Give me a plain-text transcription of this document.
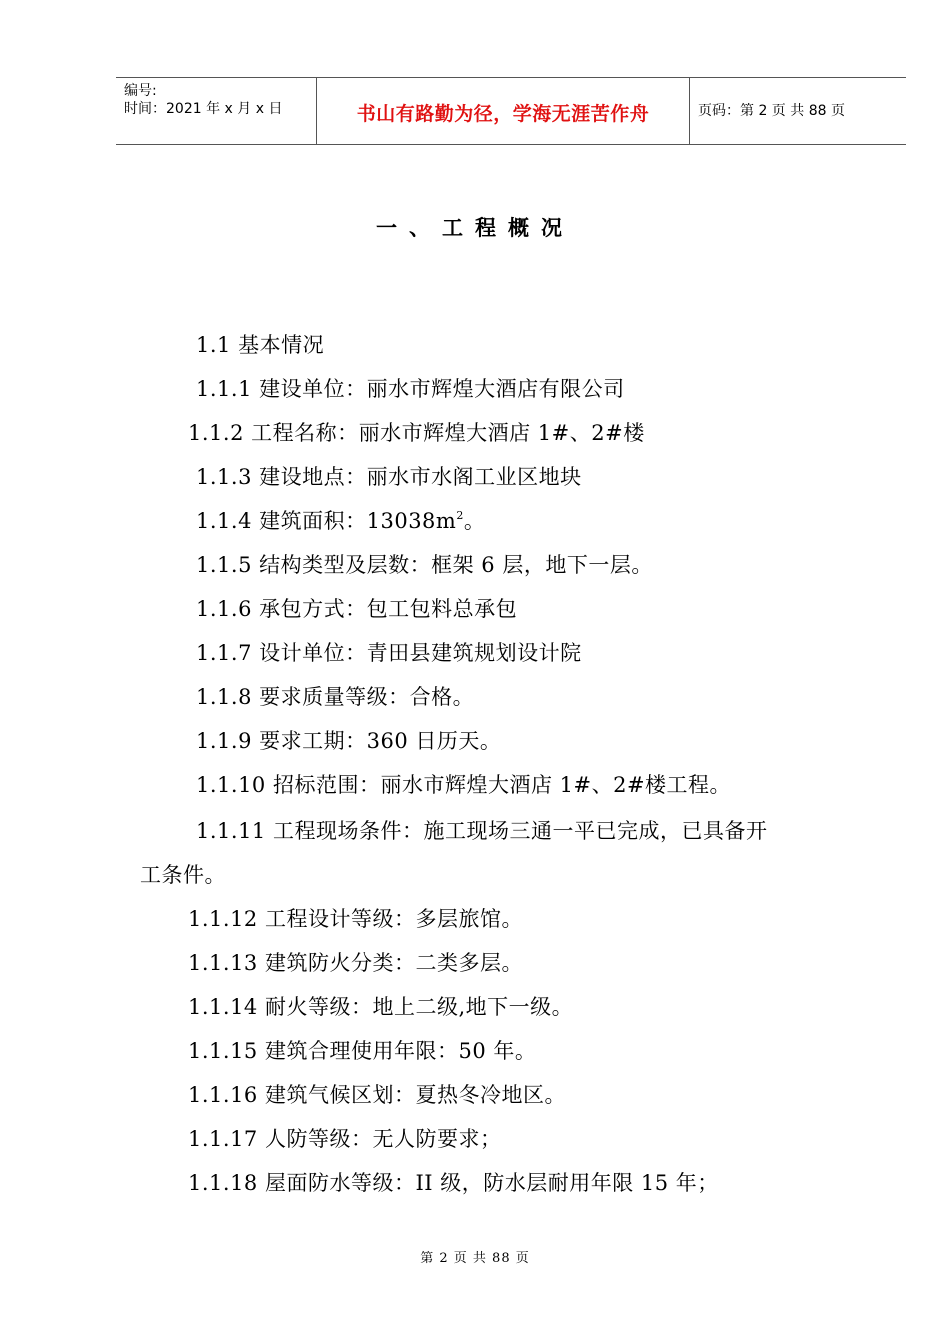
编号:
时间：2021 年 x 月 x 日	书山有路勤为径，学海无涯苦作舟	页码：第 2 页 共 88 页
一、工程概况
1.1 基本情况
1.1.1 建设单位：丽水市辉煌大酒店有限公司
1.1.2 工程名称：丽水市辉煌大酒店 1#、2#楼
1.1.3 建设地点：丽水市水阁工业区地块
1.1.4 建筑面积：$13038m^2$。
1.1.5 结构类型及层数：框架 6 层，地下一层。
1.1.6 承包方式：包工包料总承包
1.1.7 设计单位：青田县建筑规划设计院
1.1.8 要求质量等级：合格。
1.1.9 要求工期：360 日历天。
1.1.10 招标范围：丽水市辉煌大酒店 1#、2#楼工程。
1.1.11 工程现场条件：施工现场三通一平已完成，已具备开
工条件。
1.1.12 工程设计等级：多层旅馆。
1.1.13 建筑防火分类：二类多层。
1.1.14 耐火等级：地上二级,地下一级。
1.1.15 建筑合理使用年限：50 年。
1.1.16 建筑气候区划：夏热冬冷地区。
1.1.17 人防等级：无人防要求；
1.1.18 屋面防水等级：II 级，防水层耐用年限 15 年；
第 2 页 共 88 页
